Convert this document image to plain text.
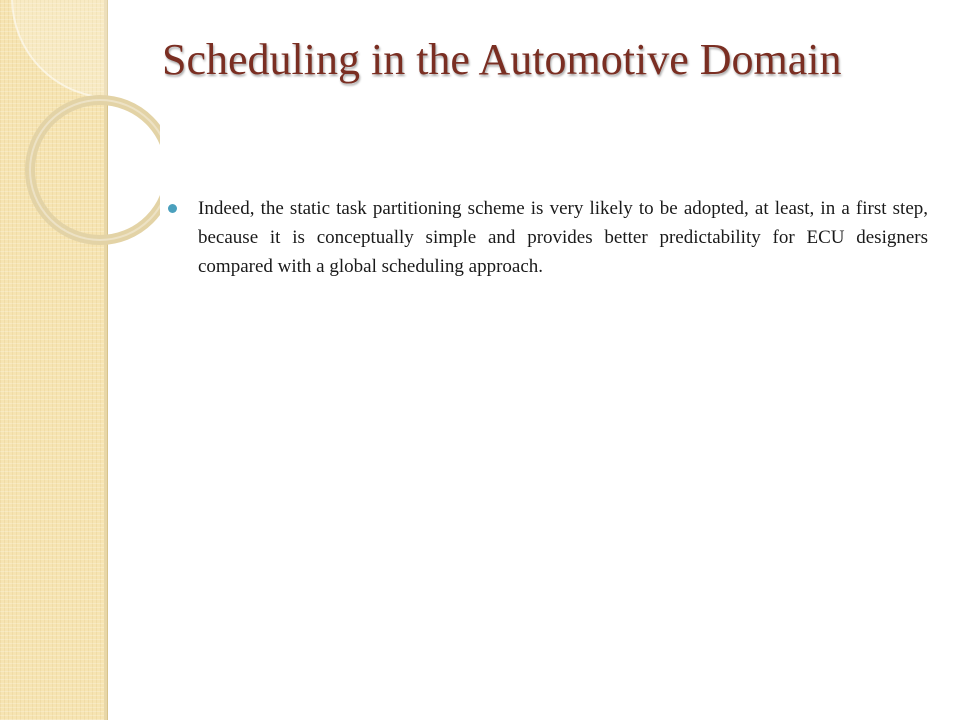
Scheduling in the Automotive Domain
Indeed, the static task partitioning scheme is very likely to be adopted, at least, in a first step, because it is conceptually simple and provides better predictability for ECU designers compared with a global scheduling approach.
